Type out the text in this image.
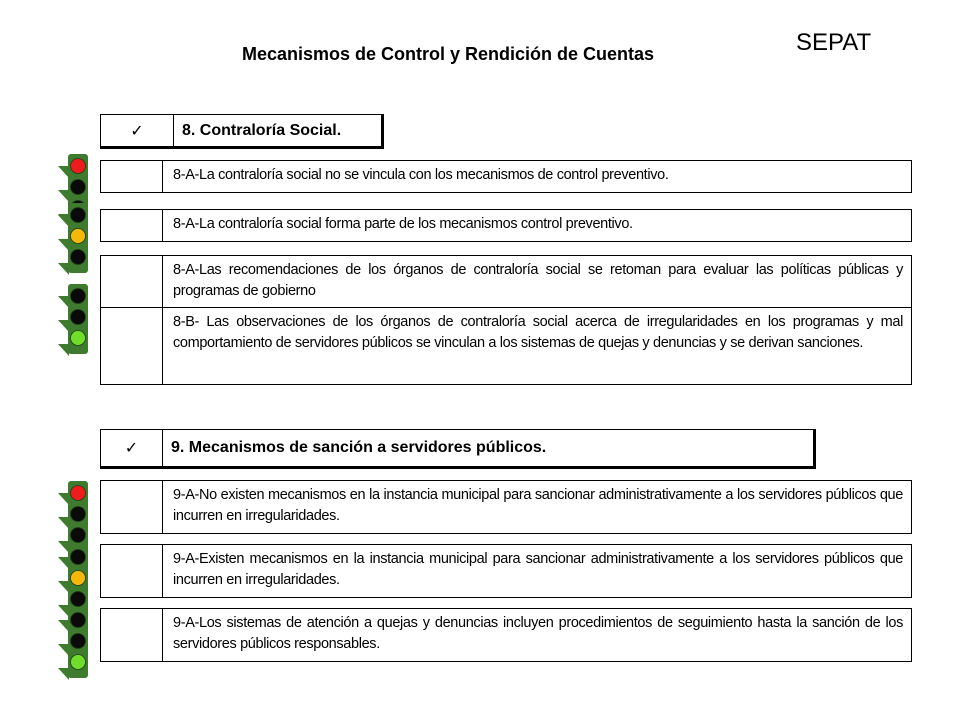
Mecanismos de Control y Rendición de Cuentas	SEPAT
✓	8. Contraloría Social.
8-A-La contraloría social no se vincula con los mecanismos de control preventivo.
8-A-La contraloría social forma parte de los mecanismos control preventivo.
8-A-Las recomendaciones de los órganos de contraloría social se retoman para evaluar las políticas públicas y programas de gobierno
8-B- Las observaciones de los órganos de contraloría social acerca de irregularidades en los programas y mal comportamiento de servidores públicos se vinculan a los sistemas de quejas y denuncias y se derivan sanciones.
✓	9. Mecanismos de sanción a servidores públicos.
9-A-No existen mecanismos en la instancia municipal para sancionar administrativamente a los servidores públicos que incurren en irregularidades.
9-A-Existen mecanismos en la instancia municipal para sancionar administrativamente a los servidores públicos que incurren en irregularidades.
9-A-Los sistemas de atención a quejas y denuncias incluyen procedimientos de seguimiento hasta la sanción de los servidores públicos responsables.
